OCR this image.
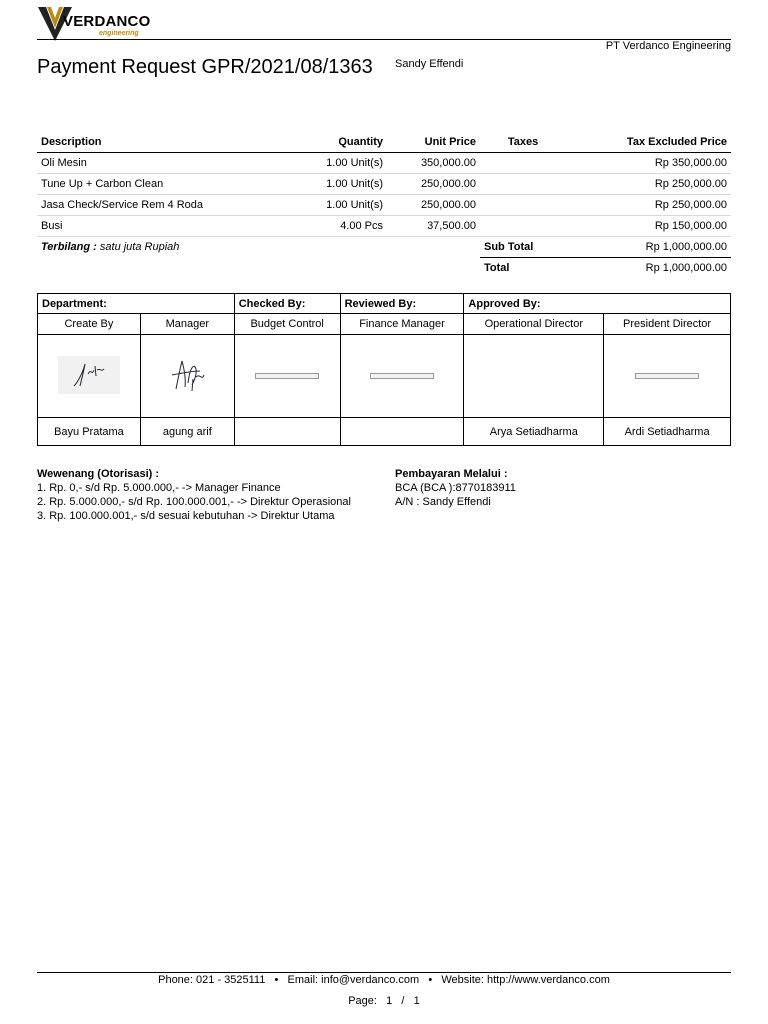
VERDANCO
engineering
PT Verdanco Engineering
Payment Request GPR/2021/08/1363 Sandy Effendi
Description	Quantity	Unit Price	Taxes	Tax Excluded Price
Oli Mesin	1.00 Unit(s)	350,000.00		Rp 350,000.00
Tune Up + Carbon Clean	1.00 Unit(s)	250,000.00		Rp 250,000.00
Jasa Check/Service Rem 4 Roda	1.00 Unit(s)	250,000.00		Rp 250,000.00
Busi	4.00 Pcs	37,500.00		Rp 150,000.00
Terbilang : satu juta Rupiah			Sub Total	Rp 1,000,000.00
			Total	Rp 1,000,000.00
Department:		Checked By:	Reviewed By:	Approved By:	
Create By	Manager	Budget Control	Finance Manager	Operational Director	President Director

Bayu Pratama	agung arif			Arya Setiadharma	Ardi Setiadharma
Wewenang (Otorisasi) :
1. Rp. 0,- s/d Rp. 5.000.000,- -> Manager Finance
2. Rp. 5.000.000,- s/d Rp. 100.000.001,- -> Direktur Operasional
3. Rp. 100.000.001,- s/d sesuai kebutuhan -> Direktur Utama
Pembayaran Melalui :
BCA (BCA ):8770183911
A/N : Sandy Effendi
Phone: 021 - 3525111   •   Email: info@verdanco.com   •   Website: http://www.verdanco.com
Page:   1   /   1
